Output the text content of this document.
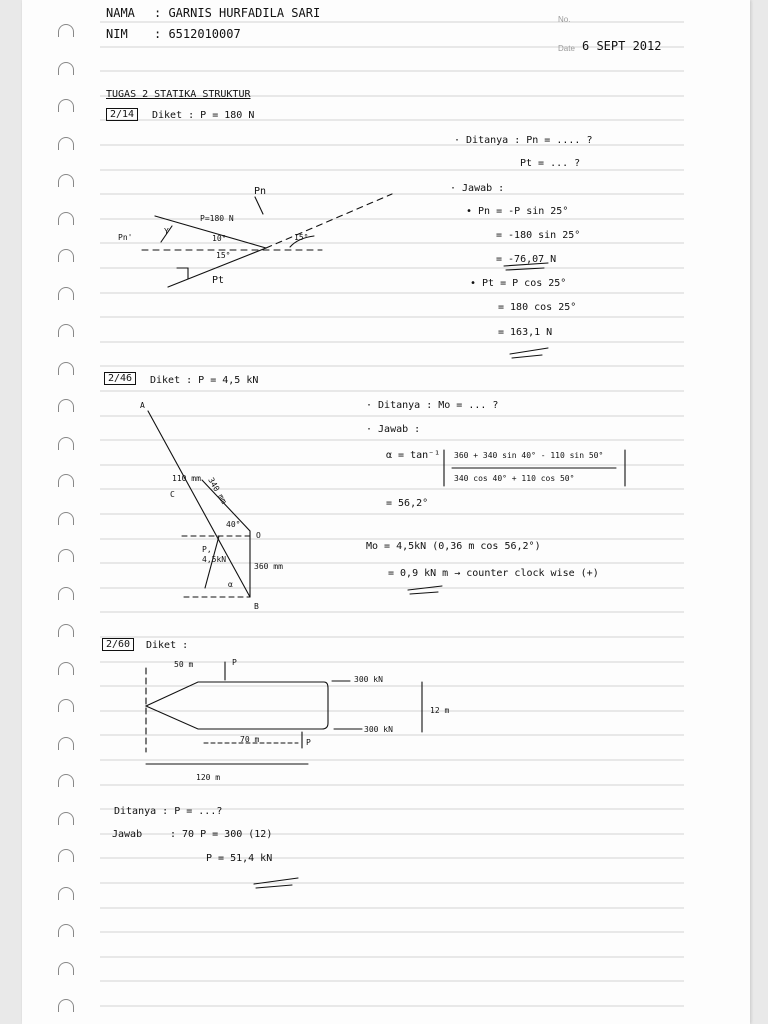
NAMA : GARNIS HURFADILA SARI
NIM : 6512010007
No.
Date 6 SEPT 2012
TUGAS 2 STATIKA STRUKTUR
2/14	Diket : P = 180 N
· Ditanya : Pn = .... ?
Pt = ... ?
· Jawab :
• Pn = -P sin 25°
= -180 sin 25°
= -76,07 N
• Pt = P cos 25°
= 180 cos 25°
= 163,1 N
Pn
Pn'
Y
P=180 N
10°
15°
15°
Pt
2/46	Diket : P = 4,5 kN
· Ditanya : Mo = ... ?
· Jawab :
α = tan⁻¹ 360 + 340 sin 40° - 110 sin 50°
340 cos 40° + 110 cos 50°
= 56,2°
Mo = 4,5kN (0,36 m cos 56,2°)
= 0,9 kN m → counter clock wise (+)
A
C
O
B
110 mm 340 mm
40°
P, 4,5kN
360 mm
α
2/60	Diket :
50 m	P
300 kN
12 m
300 kN
70 m	P
120 m
Ditanya : P = ...?
Jawab	: 70 P = 300 (12)
P = 51,4 kN
